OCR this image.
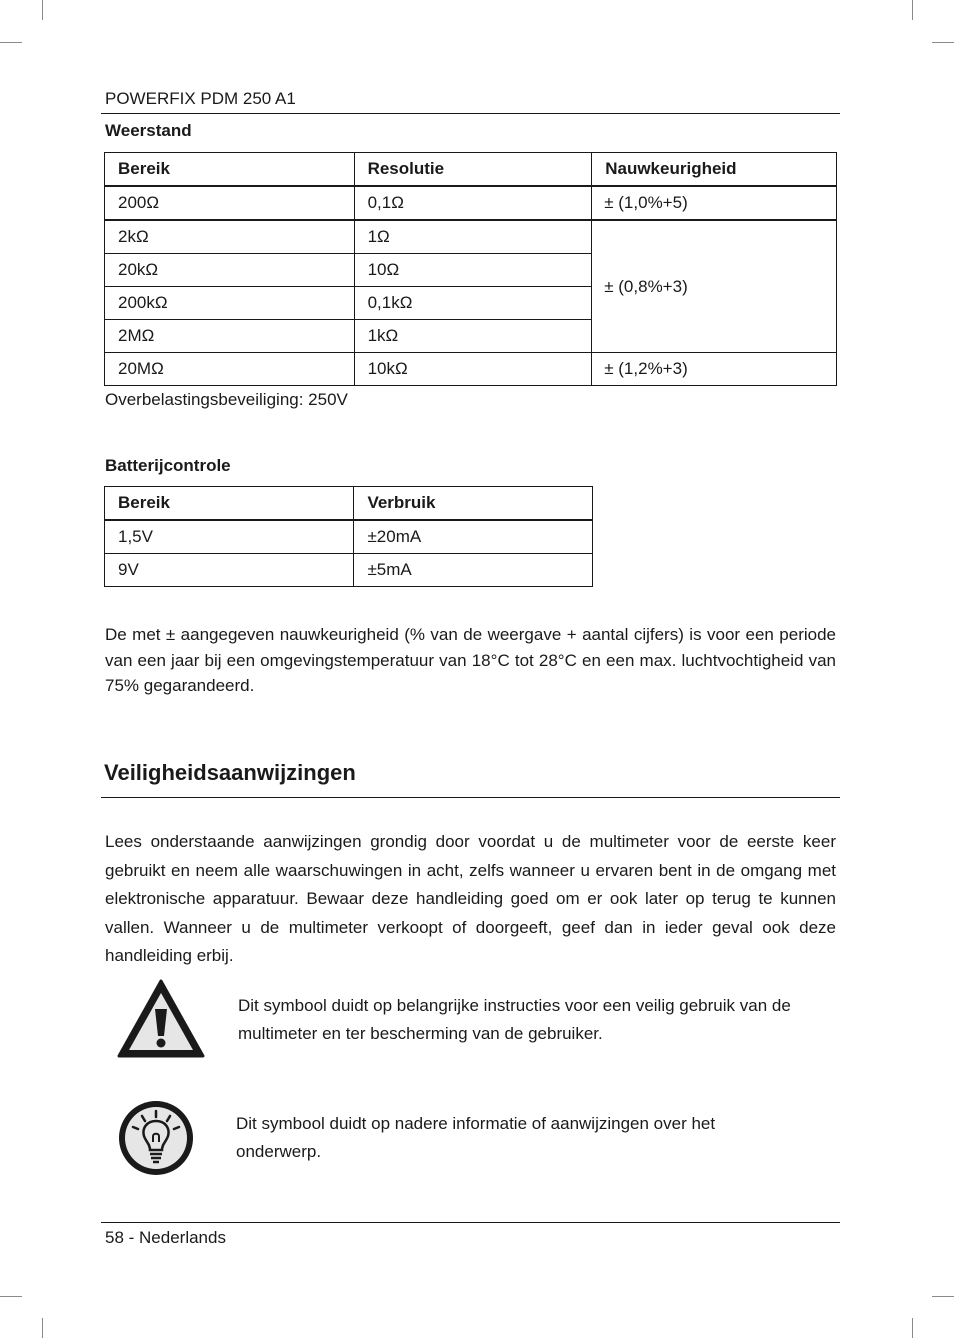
POWERFIX PDM 250 A1
Weerstand
Bereik	Resolutie	Nauwkeurigheid
200Ω	0,1Ω	± (1,0%+5)
2kΩ	1Ω	± (0,8%+3)
20kΩ	10Ω	
200kΩ	0,1kΩ	
2MΩ	1kΩ	
20MΩ	10kΩ	± (1,2%+3)
Overbelastingsbeveiliging: 250V
Batterijcontrole
Bereik	Verbruik
1,5V	±20mA
9V	±5mA
De met ± aangegeven nauwkeurigheid (% van de weergave + aantal cijfers) is voor een periode van een jaar bij een omgevingstemperatuur van 18°C tot 28°C en een max. luchtvochtigheid van 75% gegarandeerd.
Veiligheidsaanwijzingen
Lees onderstaande aanwijzingen grondig door voordat u de multimeter voor de eerste keer gebruikt en neem alle waarschuwingen in acht, zelfs wanneer u ervaren bent in de omgang met elektronische apparatuur. Bewaar deze handleiding goed om er ook later op terug te kunnen vallen. Wanneer u de multimeter verkoopt of doorgeeft, geef dan in ieder geval ook deze handleiding erbij.
Dit symbool duidt op belangrijke instructies voor een veilig gebruik van de multimeter en ter bescherming van de gebruiker.
Dit symbool duidt op nadere informatie of aanwijzingen over het onderwerp.
58 - Nederlands
